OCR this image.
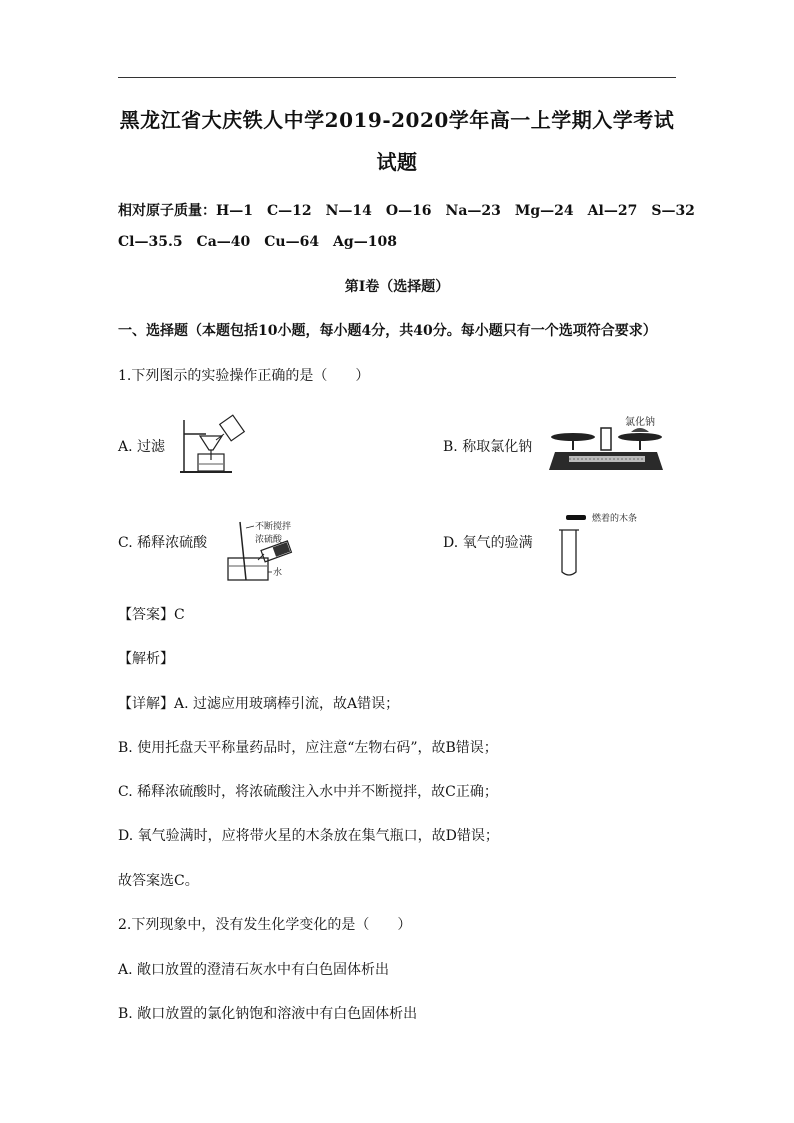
黑龙江省大庆铁人中学2019-2020学年高一上学期入学考试
试题
相对原子质量：H—1　C—12　N—14　O—16　Na—23　Mg—24　Al—27　S—32
Cl—35.5　Ca—40　Cu—64　Ag—108
第Ⅰ卷（选择题）
一、选择题（本题包括10小题，每小题4分，共40分。每小题只有一个选项符合要求）
1.下列图示的实验操作正确的是（　　）
A. 过滤	B. 称取氯化钠
氯化钠
C. 稀释浓硫酸
不断搅拌
浓硫酸
水
D. 氧气的验满
燃着的木条
【答案】C
【解析】
【详解】A. 过滤应用玻璃棒引流，故A错误；
B. 使用托盘天平称量药品时，应注意“左物右码”，故B错误；
C. 稀释浓硫酸时，将浓硫酸注入水中并不断搅拌，故C正确；
D. 氧气验满时，应将带火星的木条放在集气瓶口，故D错误；
故答案选C。
2.下列现象中，没有发生化学变化的是（　　）
A. 敞口放置的澄清石灰水中有白色固体析出
B. 敞口放置的氯化钠饱和溶液中有白色固体析出
